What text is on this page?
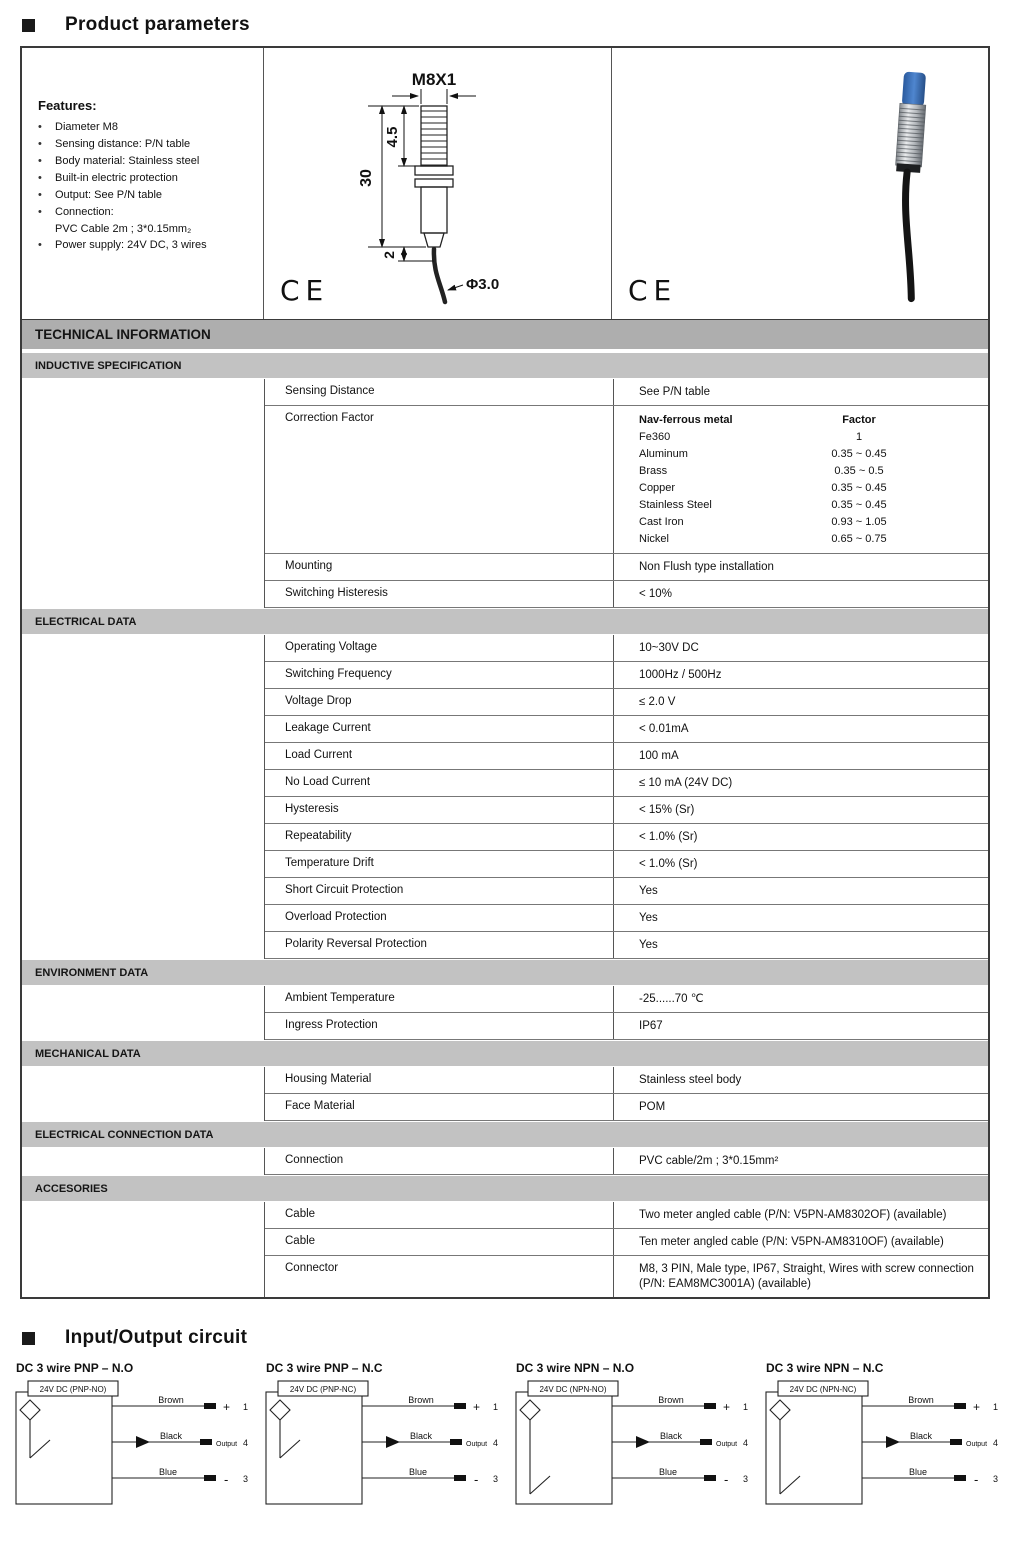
Product parameters
Features:
•	Diameter M8
•	Sensing distance: P/N table
•	Body material: Stainless steel
•	Built-in electric protection
•	Output: See P/N table
•	Connection:
PVC Cable 2m ; 3*0.15mm₂
•	Power supply: 24V DC, 3 wires
M8X1
30
4.5
2
Φ3.0
CE	CE
TECHNICAL INFORMATION
INDUCTIVE SPECIFICATION
Sensing Distance	See P/N table
Correction Factor	Nav-ferrous metal	Factor
Fe360	1
Aluminum	0.35 ~ 0.45
Brass	0.35 ~ 0.5
Copper	0.35 ~ 0.45
Stainless Steel	0.35 ~ 0.45
Cast Iron	0.93 ~ 1.05
Nickel	0.65 ~ 0.75
Mounting	Non Flush type installation
Switching Histeresis	< 10%
ELECTRICAL DATA
Operating Voltage	10~30V DC
Switching Frequency	1000Hz / 500Hz
Voltage Drop	≤ 2.0 V
Leakage Current	< 0.01mA
Load Current	100 mA
No Load Current	≤ 10 mA (24V DC)
Hysteresis	< 15% (Sr)
Repeatability	< 1.0% (Sr)
Temperature Drift	< 1.0% (Sr)
Short Circuit Protection	Yes
Overload Protection	Yes
Polarity Reversal Protection	Yes
ENVIRONMENT DATA
Ambient Temperature	-25......70 ℃
Ingress Protection	IP67
MECHANICAL DATA
Housing Material	Stainless steel body
Face Material	POM
ELECTRICAL CONNECTION DATA
Connection	PVC cable/2m ; 3*0.15mm²
ACCESORIES
Cable	Two meter angled cable (P/N: V5PN-AM8302OF) (available)
Cable	Ten meter angled cable (P/N: V5PN-AM8310OF) (available)
Connector	M8, 3 PIN, Male type, IP67, Straight, Wires with screw connection (P/N: EAM8MC3001A) (available)
Input/Output circuit
DC 3 wire PNP – N.O
24V DC (PNP-NO)
Brown
Black
Blue
+
Output
-
1
4
3
DC 3 wire PNP – N.C
24V DC (PNP-NC)
Brown
Black
Blue
+
Output
-
1
4
3
DC 3 wire NPN – N.O
24V DC (NPN-NO)
Brown
Black
Blue
+
Output
-
1
4
3
DC 3 wire NPN – N.C
24V DC (NPN-NC)
Brown
Black
Blue
+
Output
-
1
4
3
